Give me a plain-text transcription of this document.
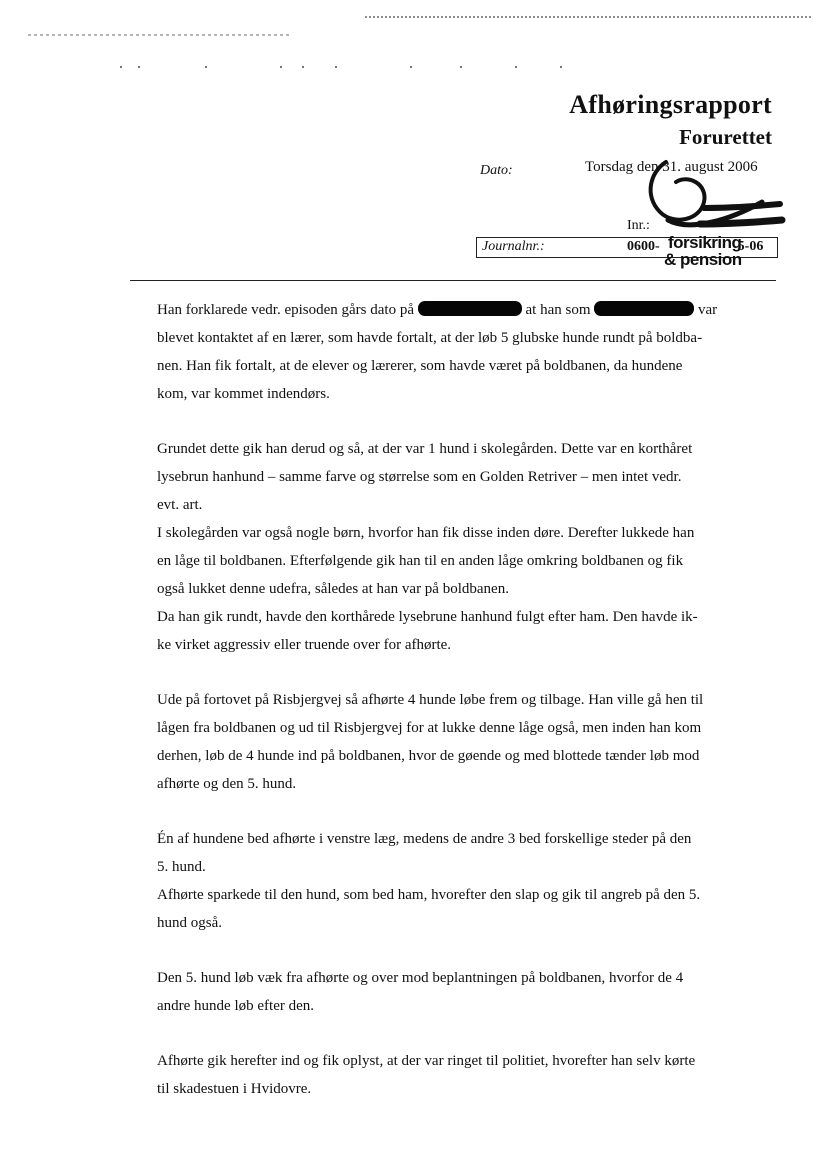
Afhøringsrapport
Forurettet
Dato:	Torsdag den 31. august 2006
Inr.:
Journalnr.:	0600-	5-06
forsikring
& pension

Han forklarede vedr. episoden gårs dato på	at han som	var
blevet kontaktet af en lærer, som havde fortalt, at der løb 5 glubske hunde rundt på boldba-
nen. Han fik fortalt, at de elever og lærerer, som havde været på boldbanen, da hundene
kom, var kommet indendørs.

Grundet dette gik han derud og så, at der var 1 hund i skolegården. Dette var en korthåret
lysebrun hanhund – samme farve og størrelse som en Golden Retriver – men intet vedr.
evt. art.
I skolegården var også nogle børn, hvorfor han fik disse inden døre. Derefter lukkede han
en låge til boldbanen. Efterfølgende gik han til en anden låge omkring boldbanen og fik
også lukket denne udefra, således at han var på boldbanen.
Da han gik rundt, havde den korthårede lysebrune hanhund fulgt efter ham. Den havde ik-
ke virket aggressiv eller truende over for afhørte.

Ude på fortovet på Risbjergvej så afhørte 4 hunde løbe frem og tilbage. Han ville gå hen til
lågen fra boldbanen og ud til Risbjergvej for at lukke denne låge også, men inden han kom
derhen, løb de 4 hunde ind på boldbanen, hvor de gøende og med blottede tænder løb mod
afhørte og den 5. hund.

Én af hundene bed afhørte i venstre læg, medens de andre 3 bed forskellige steder på den
5. hund.
Afhørte sparkede til den hund, som bed ham, hvorefter den slap og gik til angreb på den 5.
hund også.

Den 5. hund løb væk fra afhørte og over mod beplantningen på boldbanen, hvorfor de 4
andre hunde løb efter den.

Afhørte gik herefter ind og fik oplyst, at der var ringet til politiet, hvorefter han selv kørte
til skadestuen i Hvidovre.
